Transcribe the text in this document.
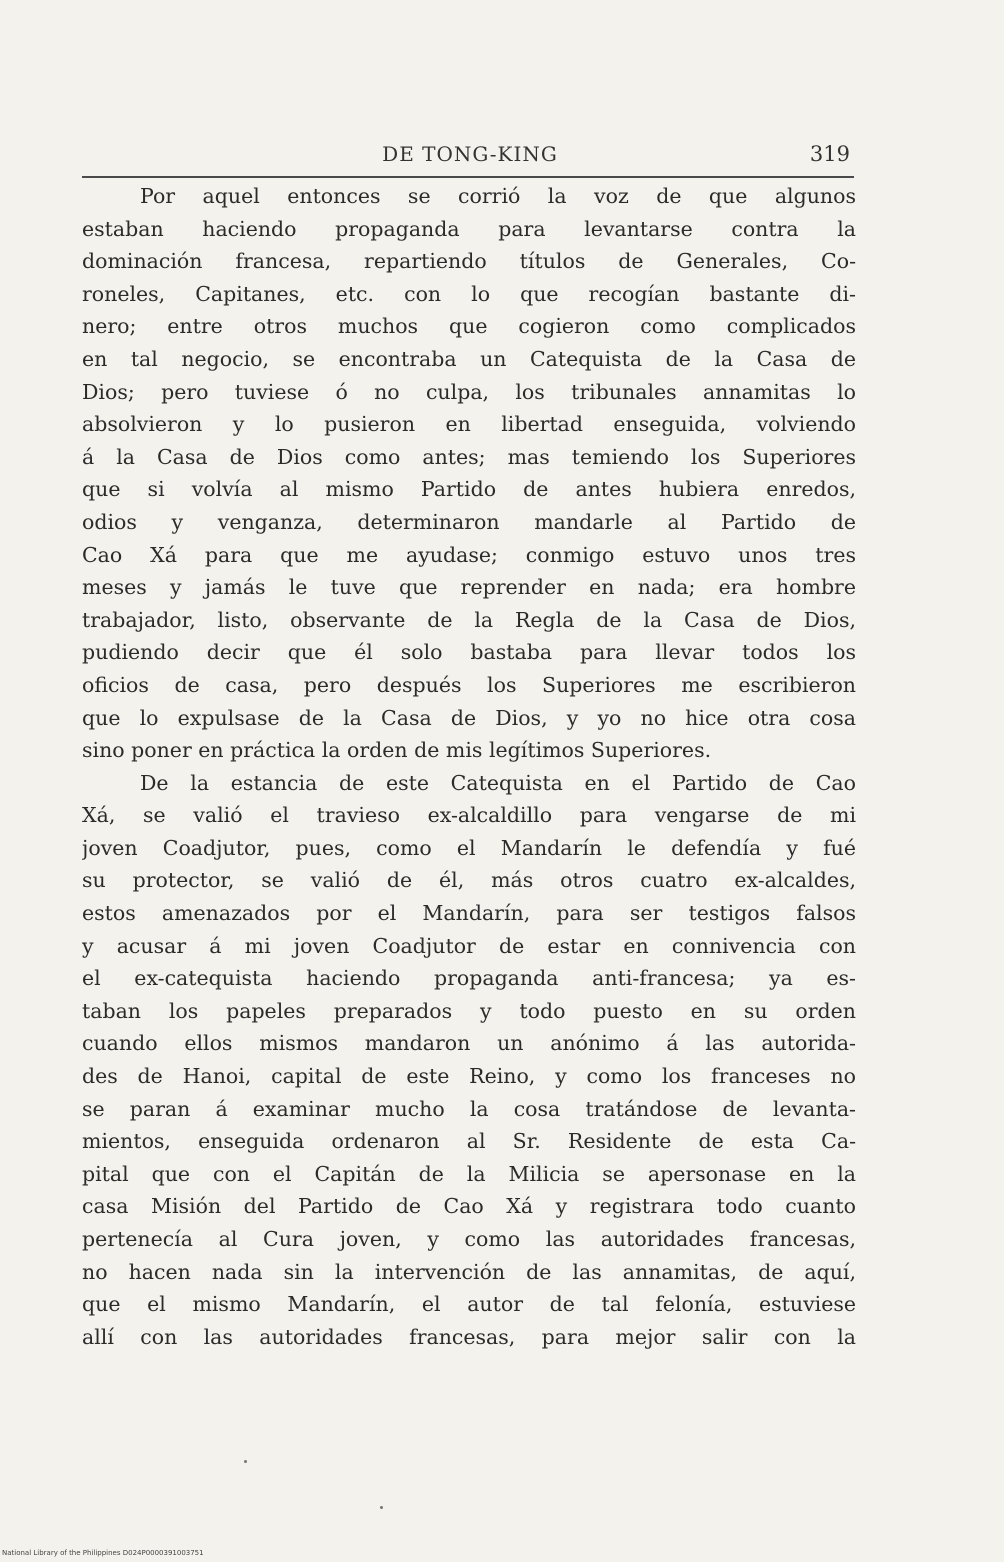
DE TONG-KING	319
Por aquel entonces se corrió la voz de que algunos
estaban haciendo propaganda para levantarse contra la
dominación francesa, repartiendo títulos de Generales, Co-
roneles, Capitanes, etc. con lo que recogían bastante di-
nero; entre otros muchos que cogieron como complicados
en tal negocio, se encontraba un Catequista de la Casa de
Dios; pero tuviese ó no culpa, los tribunales annamitas lo
absolvieron y lo pusieron en libertad enseguida, volviendo
á la Casa de Dios como antes; mas temiendo los Superiores
que si volvía al mismo Partido de antes hubiera enredos,
odios y venganza, determinaron mandarle al Partido de
Cao Xá para que me ayudase; conmigo estuvo unos tres
meses y jamás le tuve que reprender en nada; era hombre
trabajador, listo, observante de la Regla de la Casa de Dios,
pudiendo decir que él solo bastaba para llevar todos los
oficios de casa, pero después los Superiores me escribieron
que lo expulsase de la Casa de Dios, y yo no hice otra cosa
sino poner en práctica la orden de mis legítimos Superiores.
De la estancia de este Catequista en el Partido de Cao
Xá, se valió el travieso ex-alcaldillo para vengarse de mi
joven Coadjutor, pues, como el Mandarín le defendía y fué
su protector, se valió de él, más otros cuatro ex-alcaldes,
estos amenazados por el Mandarín, para ser testigos falsos
y acusar á mi joven Coadjutor de estar en connivencia con
el ex-catequista haciendo propaganda anti-francesa; ya es-
taban los papeles preparados y todo puesto en su orden
cuando ellos mismos mandaron un anónimo á las autorida-
des de Hanoi, capital de este Reino, y como los franceses no
se paran á examinar mucho la cosa tratándose de levanta-
mientos, enseguida ordenaron al Sr. Residente de esta Ca-
pital que con el Capitán de la Milicia se apersonase en la
casa Misión del Partido de Cao Xá y registrara todo cuanto
pertenecía al Cura joven, y como las autoridades francesas,
no hacen nada sin la intervención de las annamitas, de aquí,
que el mismo Mandarín, el autor de tal felonía, estuviese
allí con las autoridades francesas, para mejor salir con la
National Library of the Philippines D024P0000391003751
